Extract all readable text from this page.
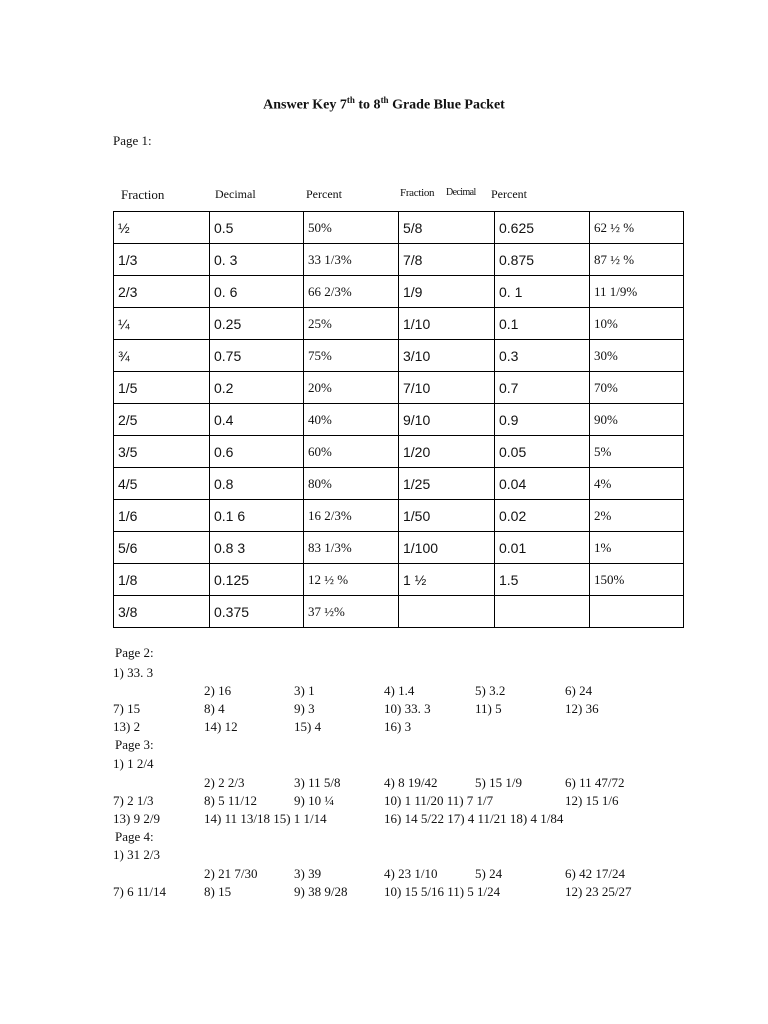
Answer Key 7th to 8th Grade Blue Packet
Page 1:
Fraction	Decimal	Percent	Fraction Decimal Percent
½	0.5	50%	5/8	0.625	62 ½ %
1/3	0. 3	33 1/3%	7/8	0.875	87 ½ %
2/3	0. 6	66 2/3%	1/9	0. 1	11 1/9%
¼	0.25	25%	1/10	0.1	10%
¾	0.75	75%	3/10	0.3	30%
1/5	0.2	20%	7/10	0.7	70%
2/5	0.4	40%	9/10	0.9	90%
3/5	0.6	60%	1/20	0.05	5%
4/5	0.8	80%	1/25	0.04	4%
1/6	0.1 6	16 2/3%	1/50	0.02	2%
5/6	0.8 3	83 1/3%	1/100	0.01	1%
1/8	0.125	12 ½ %	1 ½	1.5	150%
3/8	0.375	37 ½%			
Page 2:
1) 33. 3
2) 16	3) 1	4) 1.4	5) 3.2	6) 24
7) 15	8) 4	9) 3	10) 33. 3	11) 5	12) 36
13) 2	14) 12	15) 4	16) 3
Page 3:
1) 1 2/4
2) 2 2/3	3) 11 5/8	4) 8 19/42	5) 15 1/9	6) 11 47/72
7) 2 1/3	8) 5 11/12	9) 10 ¼	10) 1 11/20 11) 7 1/7	12) 15 1/6
13) 9 2/9	14) 11 13/18 15) 1 1/14	16) 14 5/22 17) 4 11/21 18) 4 1/84
Page 4:
1) 31 2/3
2) 21 7/30	3) 39	4) 23 1/10	5) 24	6) 42 17/24
7) 6 11/14	8) 15	9) 38 9/28	10) 15 5/16 11) 5 1/24	12) 23 25/27
